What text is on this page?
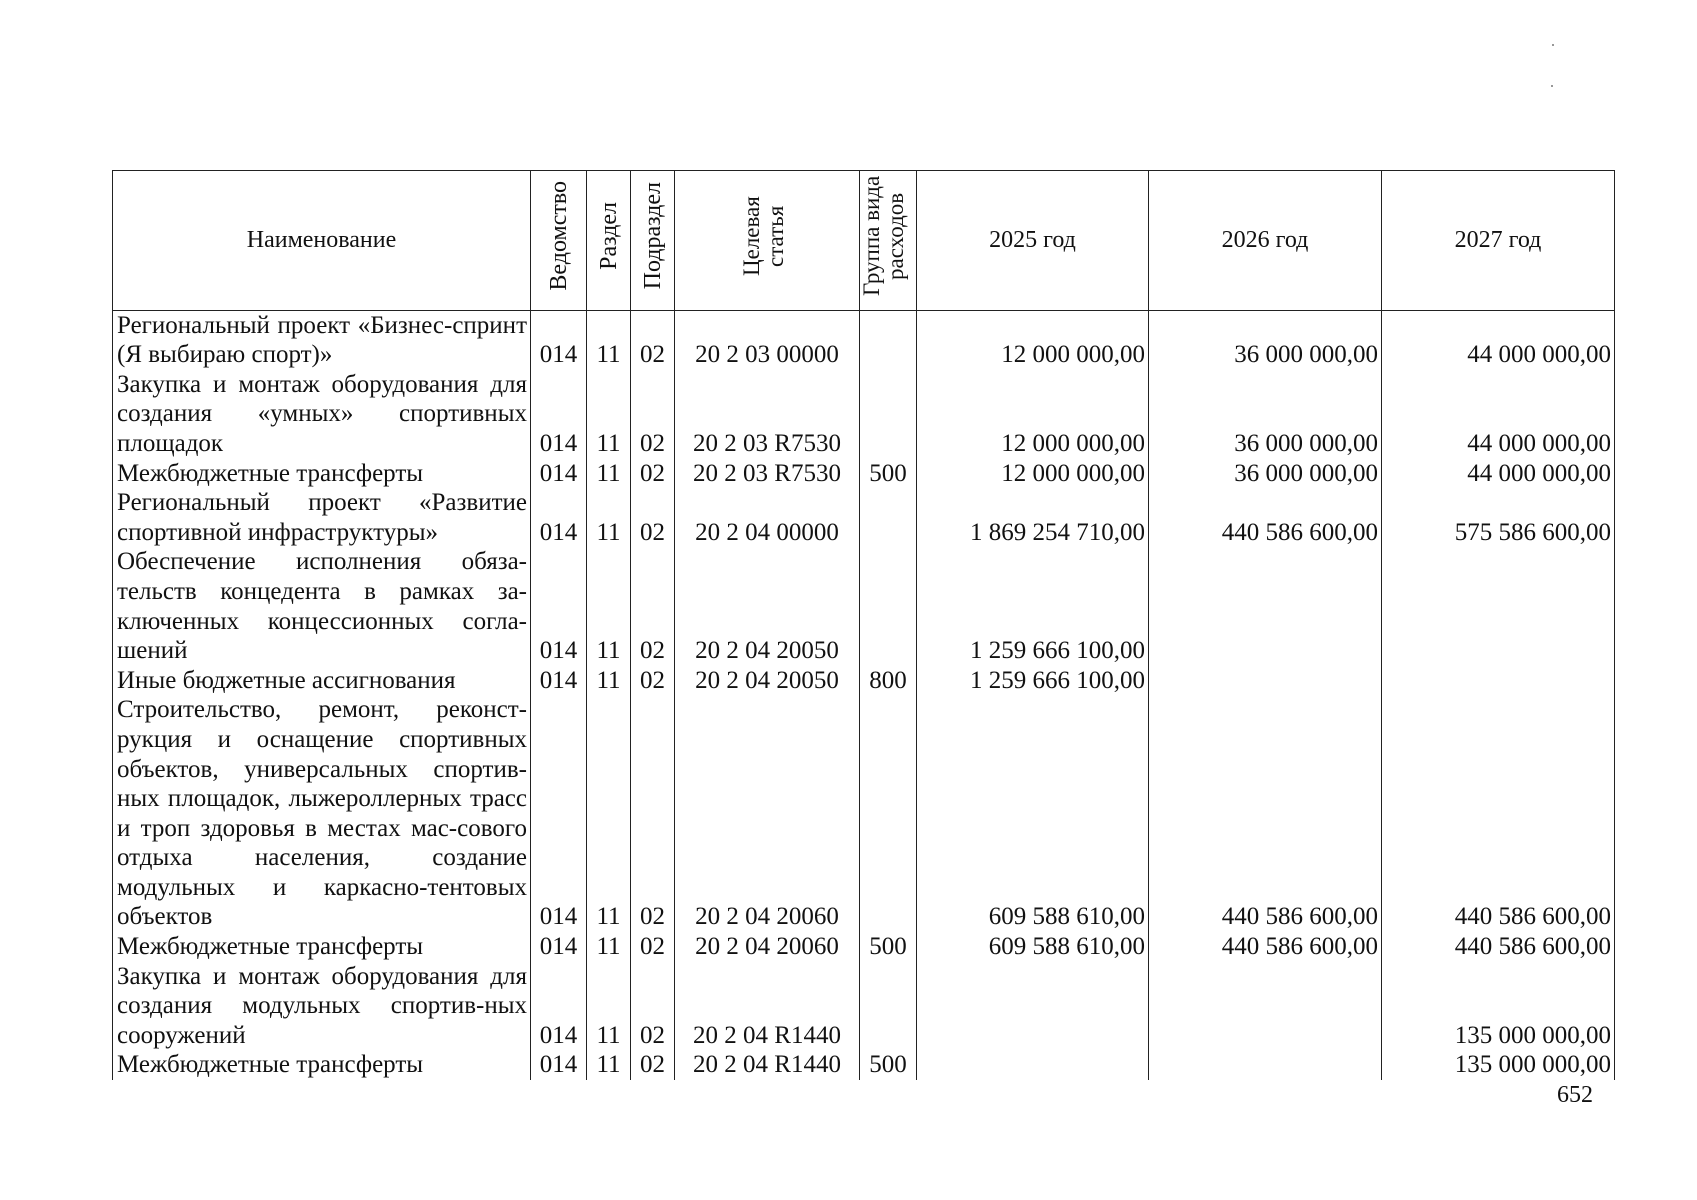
Наименование	Ведомство	Раздел	Подраздел	Целевая статья	Группа вида расходов	2025 год	2026 год	2027 год
Региональный проект «Бизнес-спринт (Я выбираю спорт)»	014	11	02	20 2 03 00000		12 000 000,00	36 000 000,00	44 000 000,00
Закупка и монтаж оборудования для создания «умных» спортивных площадок	014	11	02	20 2 03 R7530		12 000 000,00	36 000 000,00	44 000 000,00
Межбюджетные трансферты	014	11	02	20 2 03 R7530	500	12 000 000,00	36 000 000,00	44 000 000,00
Региональный проект «Развитие спортивной инфраструктуры»	014	11	02	20 2 04 00000		1 869 254 710,00	440 586 600,00	575 586 600,00
Обеспечение исполнения обяза-тельств концедента в рамках за-ключенных концессионных согла-шений	014	11	02	20 2 04 20050		1 259 666 100,00		
Иные бюджетные ассигнования	014	11	02	20 2 04 20050	800	1 259 666 100,00		
Строительство, ремонт, реконст-рукция и оснащение спортивных объектов, универсальных спортив-ных площадок, лыжероллерных трасс и троп здоровья в местах мас-сового отдыха населения, создание модульных и каркасно-тентовых объектов	014	11	02	20 2 04 20060		609 588 610,00	440 586 600,00	440 586 600,00
Межбюджетные трансферты	014	11	02	20 2 04 20060	500	609 588 610,00	440 586 600,00	440 586 600,00
Закупка и монтаж оборудования для создания модульных спортив-ных сооружений	014	11	02	20 2 04 R1440				135 000 000,00
Межбюджетные трансферты	014	11	02	20 2 04 R1440	500			135 000 000,00
652
